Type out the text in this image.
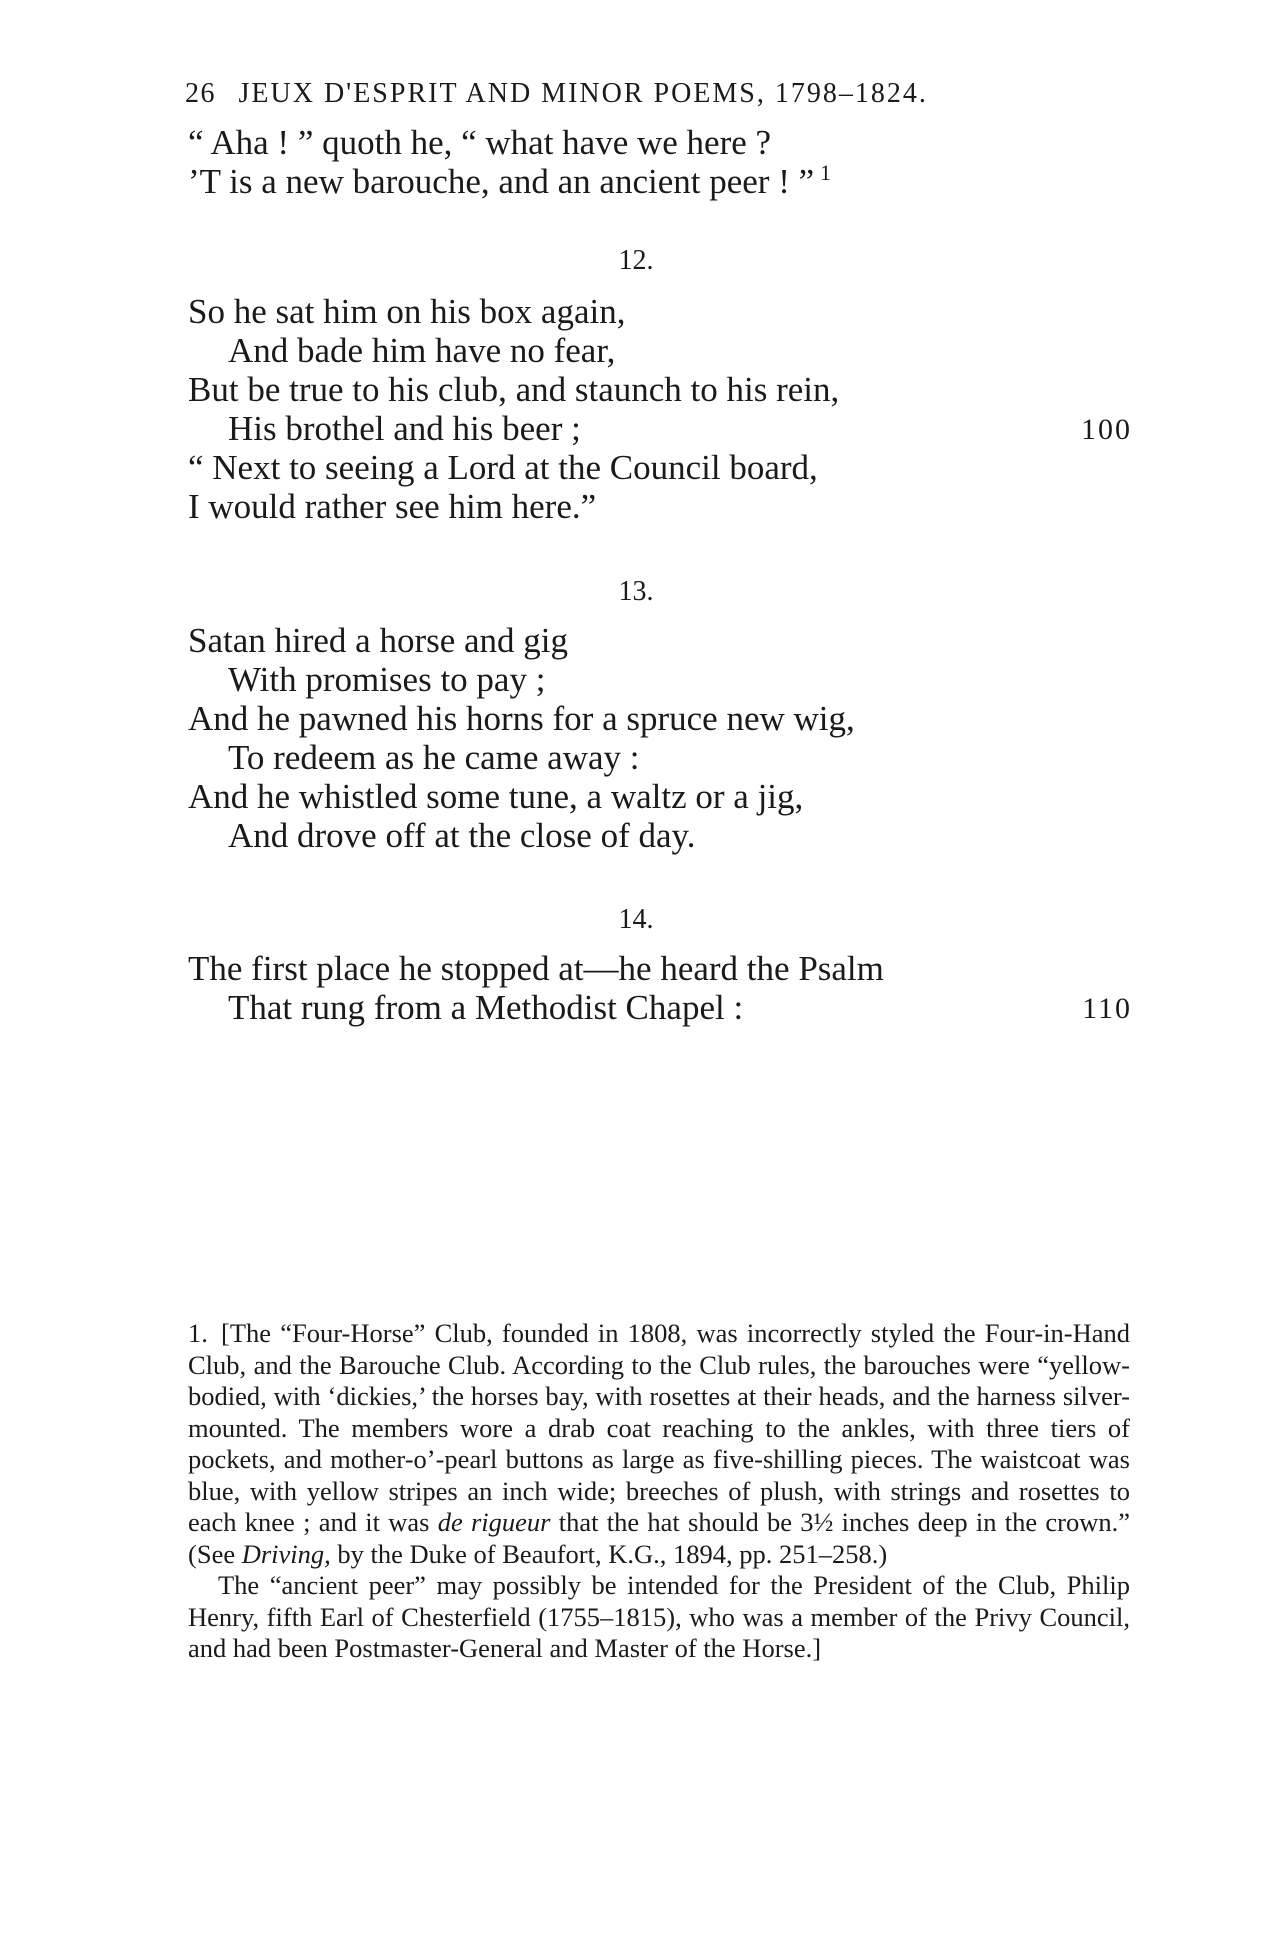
26 JEUX D'ESPRIT AND MINOR POEMS, 1798–1824.
“ Aha ! ” quoth he, “ what have we here ?
’T is a new barouche, and an ancient peer ! ” $^1$
12.
So he sat him on his box again,
And bade him have no fear,
But be true to his club, and staunch to his rein,
His brothel and his beer ;	100
“ Next to seeing a Lord at the Council board,
I would rather see him here.”
13.
Satan hired a horse and gig
With promises to pay ;
And he pawned his horns for a spruce new wig,
To redeem as he came away :
And he whistled some tune, a waltz or a jig,
And drove off at the close of day.
14.
The first place he stopped at—he heard the Psalm
That rung from a Methodist Chapel :	110

1. [The “Four-Horse” Club, founded in 1808, was incorrectly styled the Four-in-Hand Club, and the Barouche Club. According to the Club rules, the barouches were “yellow-bodied, with ‘dickies,’ the horses bay, with rosettes at their heads, and the harness silver-mounted. The members wore a drab coat reaching to the ankles, with three tiers of pockets, and mother-o’-pearl buttons as large as five-shilling pieces. The waistcoat was blue, with yellow stripes an inch wide; breeches of plush, with strings and rosettes to each knee ; and it was de rigueur that the hat should be 3½ inches deep in the crown.” (See Driving, by the Duke of Beaufort, K.G., 1894, pp. 251–258.)

The “ancient peer” may possibly be intended for the President of the Club, Philip Henry, fifth Earl of Chesterfield (1755–1815), who was a member of the Privy Council, and had been Postmaster-General and Master of the Horse.]
